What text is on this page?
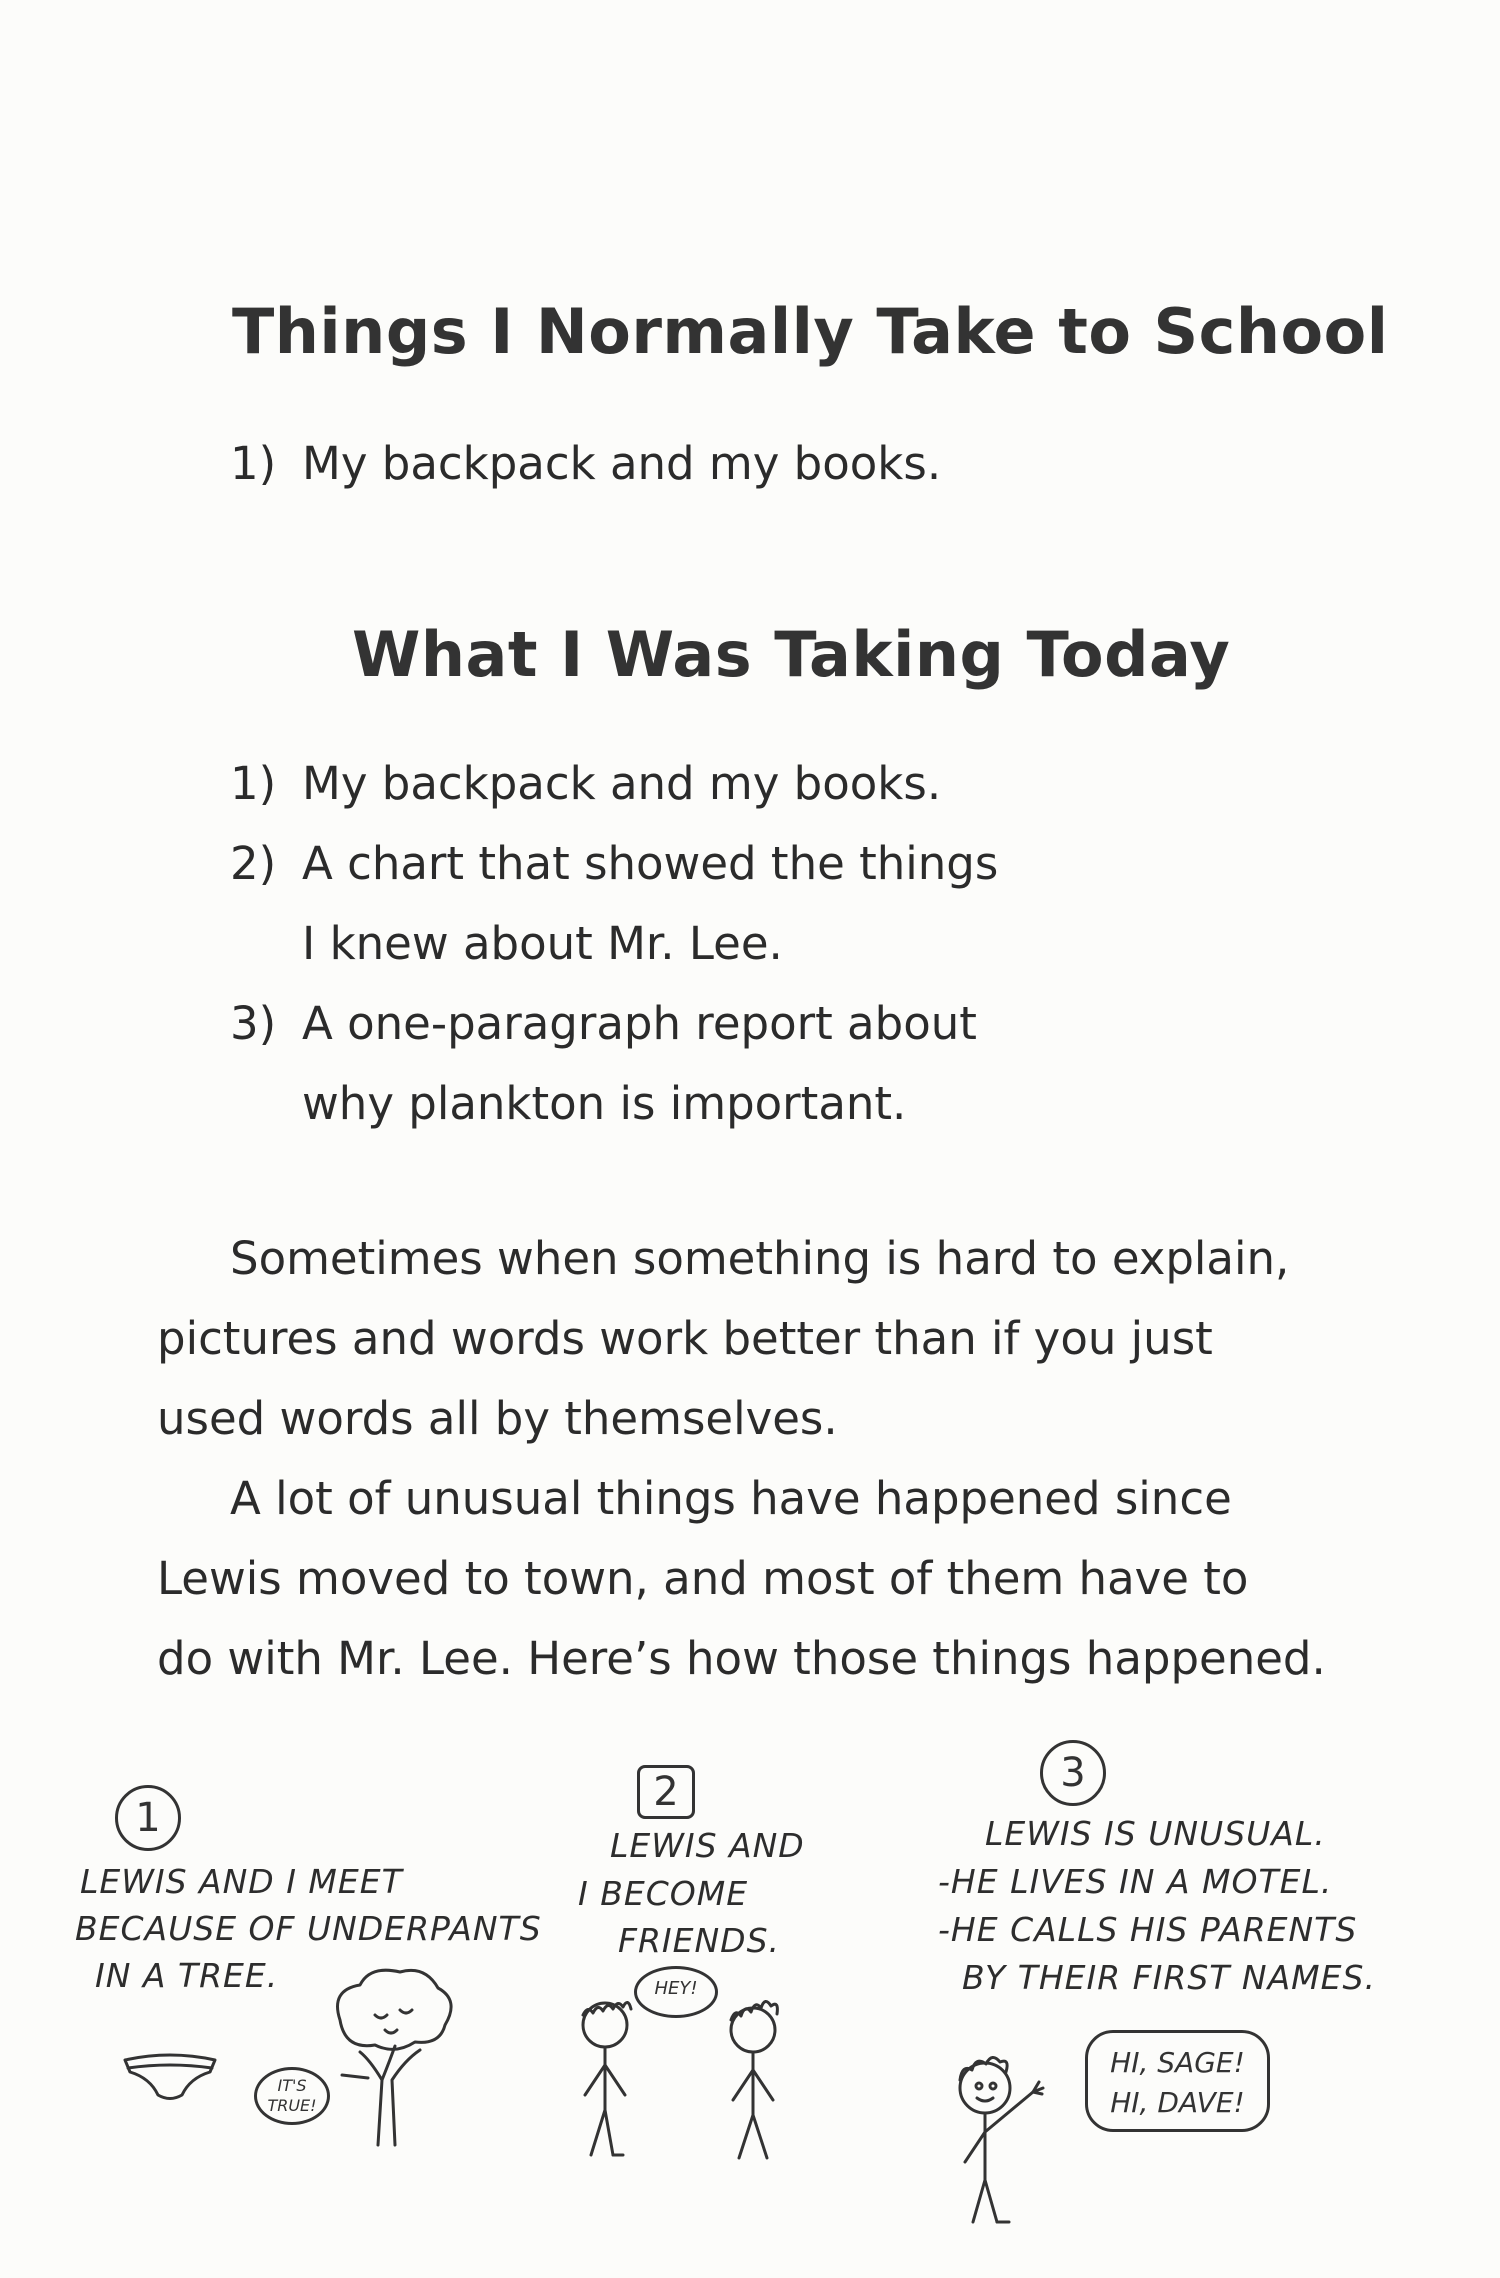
Things I Normally Take to School
1) My backpack and my books.
What I Was Taking Today
1) My backpack and my books.
2) A chart that showed the things
I knew about Mr. Lee.
3) A one-paragraph report about
why plankton is important.
Sometimes when something is hard to explain,
pictures and words work better than if you just
used words all by themselves.
A lot of unusual things have happened since
Lewis moved to town, and most of them have to
do with Mr. Lee. Here’s how those things happened.
1
LEWIS AND I MEET
BECAUSE OF UNDERPANTS
IN A TREE.
IT'S
TRUE!
2
LEWIS AND
I BECOME
FRIENDS.
HEY!
3
LEWIS IS UNUSUAL.
-HE LIVES IN A MOTEL.
-HE CALLS HIS PARENTS
BY THEIR FIRST NAMES.
HI, SAGE!
HI, DAVE!
